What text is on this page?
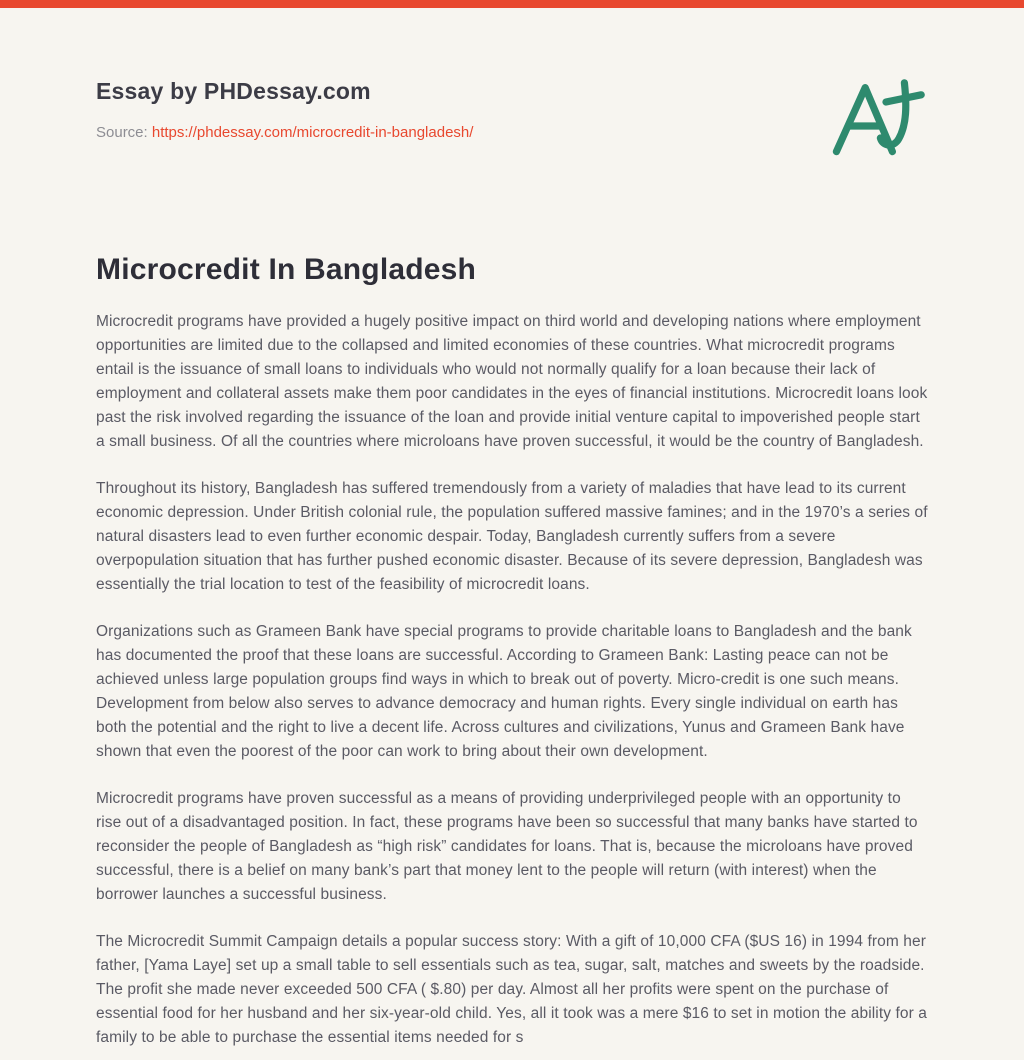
Essay by PHDessay.com
Source: https://phdessay.com/microcredit-in-bangladesh/
Microcredit In Bangladesh

Microcredit programs have provided a hugely positive impact on third world and developing nations where employment opportunities are limited due to the collapsed and limited economies of these countries. What microcredit programs entail is the issuance of small loans to individuals who would not normally qualify for a loan because their lack of employment and collateral assets make them poor candidates in the eyes of financial institutions. Microcredit loans look past the risk involved regarding the issuance of the loan and provide initial venture capital to impoverished people start a small business. Of all the countries where microloans have proven successful, it would be the country of Bangladesh.

Throughout its history, Bangladesh has suffered tremendously from a variety of maladies that have lead to its current economic depression. Under British colonial rule, the population suffered massive famines; and in the 1970’s a series of natural disasters lead to even further economic despair. Today, Bangladesh currently suffers from a severe overpopulation situation that has further pushed economic disaster. Because of its severe depression, Bangladesh was essentially the trial location to test of the feasibility of microcredit loans.

Organizations such as Grameen Bank have special programs to provide charitable loans to Bangladesh and the bank has documented the proof that these loans are successful. According to Grameen Bank: Lasting peace can not be achieved unless large population groups find ways in which to break out of poverty. Micro-credit is one such means. Development from below also serves to advance democracy and human rights. Every single individual on earth has both the potential and the right to live a decent life. Across cultures and civilizations, Yunus and Grameen Bank have shown that even the poorest of the poor can work to bring about their own development.

Microcredit programs have proven successful as a means of providing underprivileged people with an opportunity to rise out of a disadvantaged position. In fact, these programs have been so successful that many banks have started to reconsider the people of Bangladesh as “high risk” candidates for loans. That is, because the microloans have proved successful, there is a belief on many bank’s part that money lent to the people will return (with interest) when the borrower launches a successful business.

The Microcredit Summit Campaign details a popular success story: With a gift of 10,000 CFA ($US 16) in 1994 from her father, [Yama Laye] set up a small table to sell essentials such as tea, sugar, salt, matches and sweets by the roadside. The profit she made never exceeded 500 CFA ( $.80) per day. Almost all her profits were spent on the purchase of essential food for her husband and her six-year-old child. Yes, all it took was a mere $16 to set in motion the ability for a family to be able to purchase the essential items needed for s
